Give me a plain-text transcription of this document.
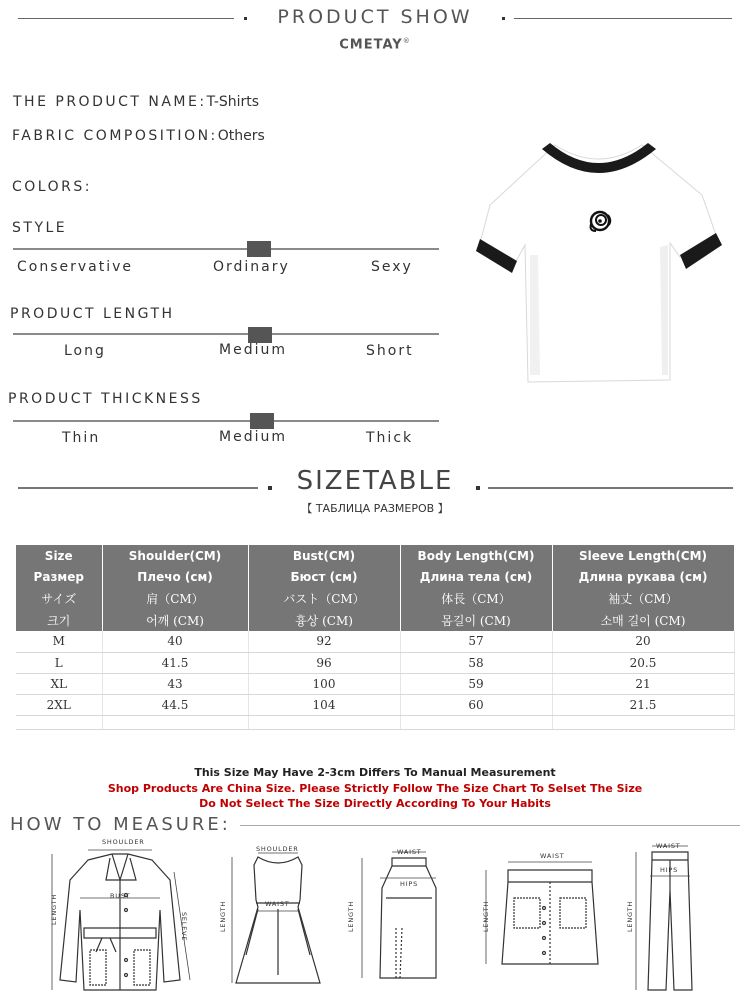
PRODUCT SHOW
CMETAY®
THE PRODUCT NAME:T-Shirts
FABRIC COMPOSITION:Others
COLORS:
STYLE
Conservative	Ordinary	Sexy
PRODUCT LENGTH
Long	Medium	Short
PRODUCT THICKNESS
Thin	Medium	Thick
SIZETABLE
【 ТАБЛИЦА РАЗМЕРОВ 】
Size	Shoulder(CM)	Bust(CM)	Body Length(CM)	Sleeve Length(CM)
Размер	Плечо (см)	Бюст (см)	Длина тела (см)	Длина рукава (см)
サイズ	肩（CM）	バスト（CM）	体長（CM）	袖丈（CM）
크기	어깨 (CM)	흉상 (CM)	몸길이 (CM)	소매 길이 (CM)
M	40	92	57	20
L	41.5	96	58	20.5
XL	43	100	59	21
2XL	44.5	104	60	21.5

This Size May Have 2-3cm Differs To Manual Measurement
Shop Products Are China Size. Please Strictly Follow The Size Chart To Selset The Size
Do Not Select The Size Directly According To Your Habits
HOW TO MEASURE:
SHOULDER
BUST
LENGTH
SELEVE
SHOULDER
WAIST
LENGTH
WAIST
HIPS
LENGTH
WAIST
LENGTH
WAIST
HIPS
LENGTH
